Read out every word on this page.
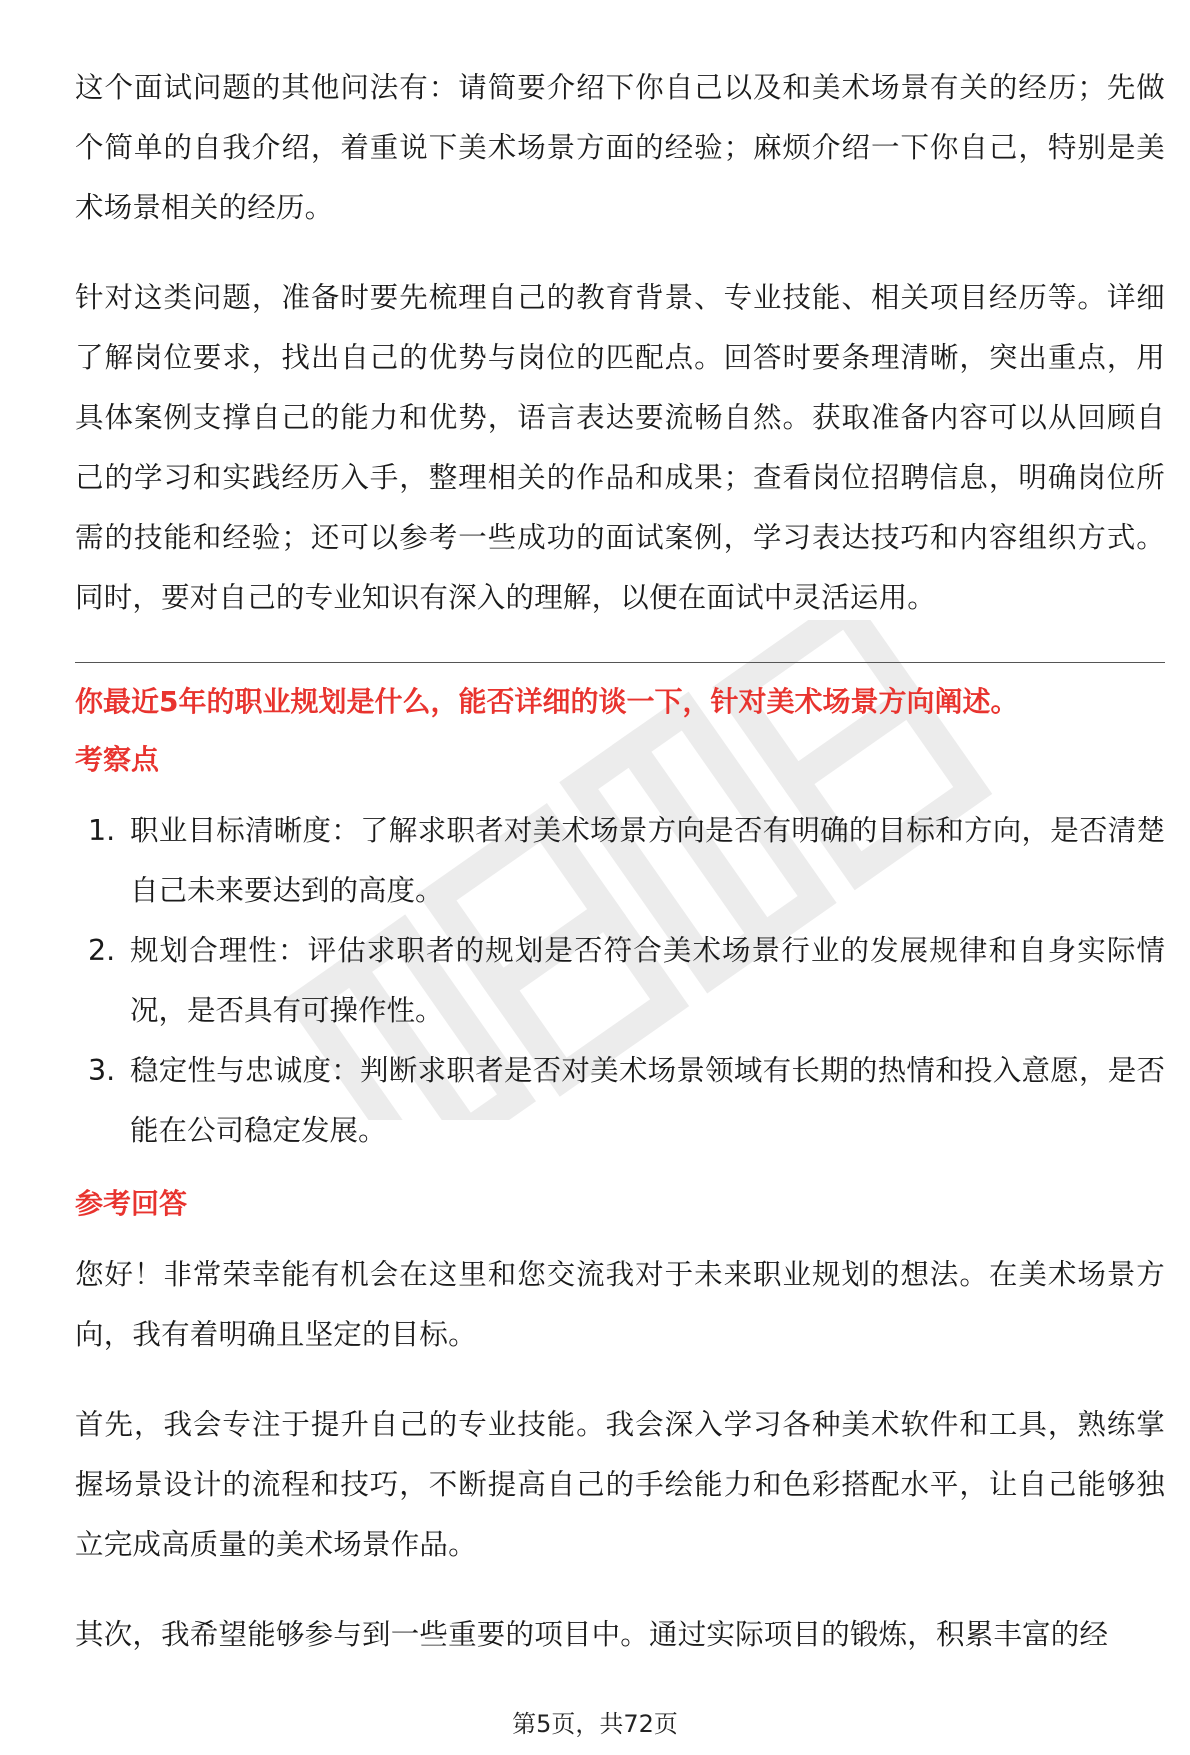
这个面试问题的其他问法有：请简要介绍下你自己以及和美术场景有关的经历；先做个简单的自我介绍，着重说下美术场景方面的经验；麻烦介绍一下你自己，特别是美术场景相关的经历。

针对这类问题，准备时要先梳理自己的教育背景、专业技能、相关项目经历等。详细了解岗位要求，找出自己的优势与岗位的匹配点。回答时要条理清晰，突出重点，用具体案例支撑自己的能力和优势，语言表达要流畅自然。获取准备内容可以从回顾自己的学习和实践经历入手，整理相关的作品和成果；查看岗位招聘信息，明确岗位所需的技能和经验；还可以参考一些成功的面试案例，学习表达技巧和内容组织方式。同时，要对自己的专业知识有深入的理解，以便在面试中灵活运用。

你最近5年的职业规划是什么，能否详细的谈一下，针对美术场景方向阐述。

考察点

1. 职业目标清晰度：了解求职者对美术场景方向是否有明确的目标和方向，是否清楚自己未来要达到的高度。
2. 规划合理性：评估求职者的规划是否符合美术场景行业的发展规律和自身实际情况，是否具有可操作性。
3. 稳定性与忠诚度：判断求职者是否对美术场景领域有长期的热情和投入意愿，是否能在公司稳定发展。

参考回答

您好！非常荣幸能有机会在这里和您交流我对于未来职业规划的想法。在美术场景方向，我有着明确且坚定的目标。

首先，我会专注于提升自己的专业技能。我会深入学习各种美术软件和工具，熟练掌握场景设计的流程和技巧，不断提高自己的手绘能力和色彩搭配水平，让自己能够独立完成高质量的美术场景作品。

其次，我希望能够参与到一些重要的项目中。通过实际项目的锻炼，积累丰富的经

第5页，共72页
